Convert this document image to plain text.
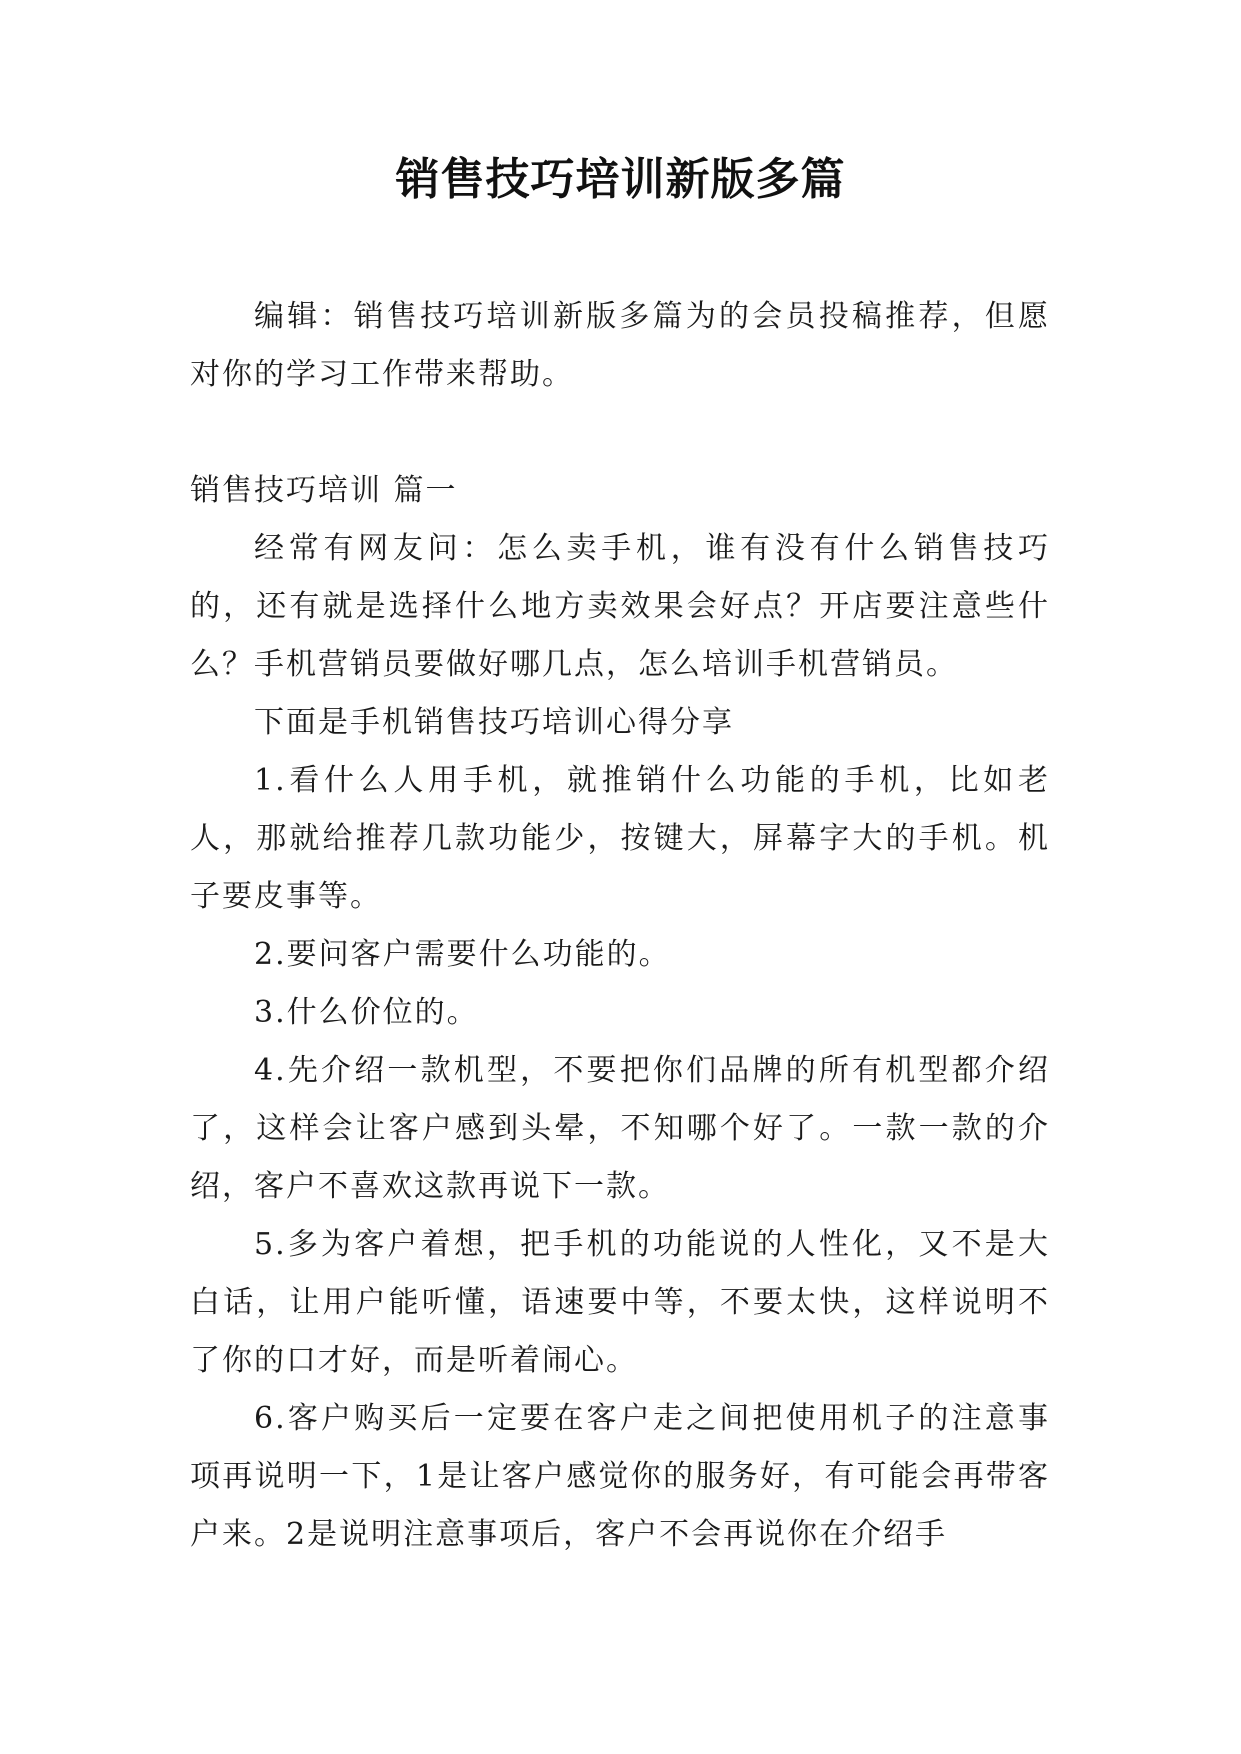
销售技巧培训新版多篇

编辑：销售技巧培训新版多篇为的会员投稿推荐，但愿对你的学习工作带来帮助。

销售技巧培训 篇一

经常有网友问：怎么卖手机，谁有没有什么销售技巧的，还有就是选择什么地方卖效果会好点？开店要注意些什么？手机营销员要做好哪几点，怎么培训手机营销员。

下面是手机销售技巧培训心得分享

1.看什么人用手机，就推销什么功能的手机，比如老人，那就给推荐几款功能少，按键大，屏幕字大的手机。机子要皮事等。

2.要问客户需要什么功能的。

3.什么价位的。

4.先介绍一款机型，不要把你们品牌的所有机型都介绍了，这样会让客户感到头晕，不知哪个好了。一款一款的介绍，客户不喜欢这款再说下一款。

5.多为客户着想，把手机的功能说的人性化，又不是大白话，让用户能听懂，语速要中等，不要太快，这样说明不了你的口才好，而是听着闹心。

6.客户购买后一定要在客户走之间把使用机子的注意事项再说明一下，1是让客户感觉你的服务好，有可能会再带客户来。2是说明注意事项后，客户不会再说你在介绍手
